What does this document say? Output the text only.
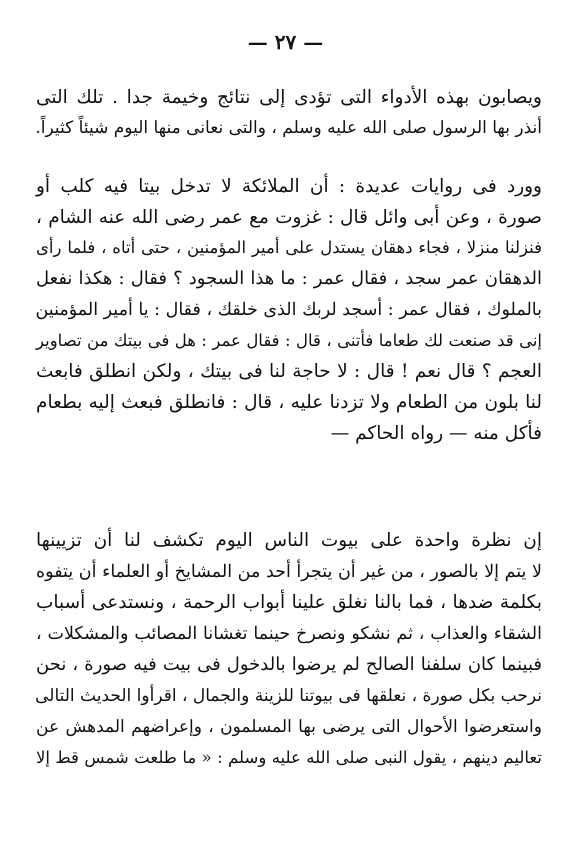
— ٢٧ —
ويصابون بهذه الأدواء التى تؤدى إلى نتائج وخيمة جدا . تلك التى
أنذر بها الرسول صلى الله عليه وسلم ، والتى نعانى منها اليوم شيئاً كثيراً.
وورد فى روايات عديدة : أن الملائكة لا تدخل بيتا فيه كلب أو
صورة ، وعن أبى وائل قال : غزوت مع عمر رضى الله عنه الشام ،
فنزلنا منزلا ، فجاء دهقان يستدل على أمير المؤمنين ، حتى أتاه ، فلما رأى
الدهقان عمر سجد ، فقال عمر : ما هذا السجود ؟ فقال : هكذا نفعل
بالملوك ، فقال عمر : أسجد لربك الذى خلقك ، فقال : يا أمير المؤمنين
إنى قد صنعت لك طعاما فأتنى ، قال : فقال عمر : هل فى بيتك من تصاوير
العجم ؟ قال نعم ! قال : لا حاجة لنا فى بيتك ، ولكن انطلق فابعث
لنا بلون من الطعام ولا تزدنا عليه ، قال : فانطلق فبعث إليه بطعام
فأكل منه — رواه الحاكم —
إن نظرة واحدة على بيوت الناس اليوم تكشف لنا أن تزيينها
لا يتم إلا بالصور ، من غير أن يتجرأ أحد من المشايخ أو العلماء أن يتفوه
بكلمة ضدها ، فما بالنا نغلق علينا أبواب الرحمة ، ونستدعى أسباب
الشقاء والعذاب ، ثم نشكو ونصرخ حينما تغشانا المصائب والمشكلات ،
فبينما كان سلفنا الصالح لم يرضوا بالدخول فى بيت فيه صورة ، نحن
نرحب بكل صورة ، نعلقها فى بيوتنا للزينة والجمال ، اقرأوا الحديث التالى
واستعرضوا الأحوال التى يرضى بها المسلمون ، وإعراضهم المدهش عن
تعاليم دينهم ، يقول النبى صلى الله عليه وسلم : « ما طلعت شمس قط إلا
